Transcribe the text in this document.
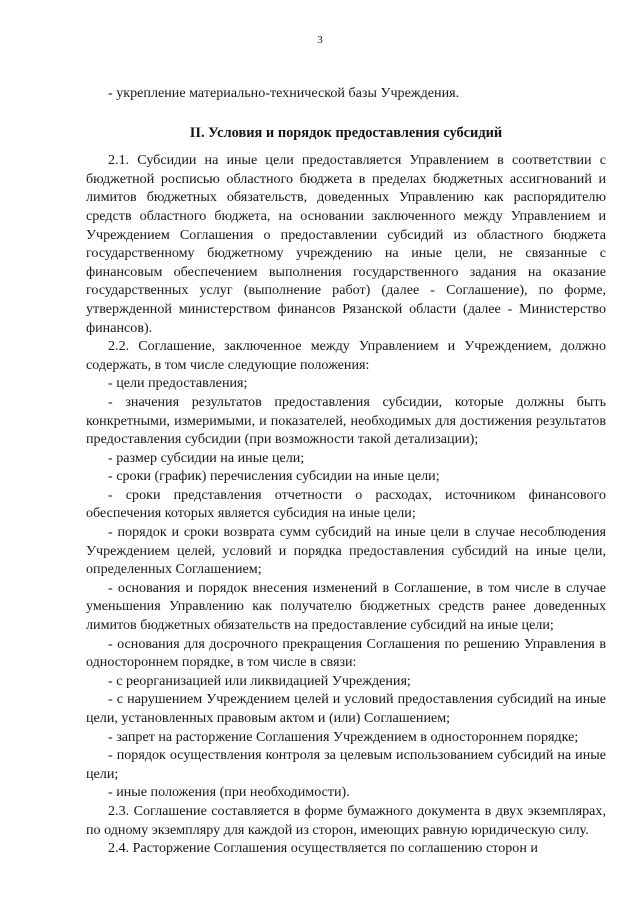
3

- укрепление материально-технической базы Учреждения.

II. Условия и порядок предоставления субсидий

2.1. Субсидии на иные цели предоставляется Управлением в соответствии с бюджетной росписью областного бюджета в пределах бюджетных ассигнований и лимитов бюджетных обязательств, доведенных Управлению как распорядителю средств областного бюджета, на основании заключенного между Управлением и Учреждением Соглашения о предоставлении субсидий из областного бюджета государственному бюджетному учреждению на иные цели, не связанные с финансовым обеспечением выполнения государственного задания на оказание государственных услуг (выполнение работ) (далее - Соглашение), по форме, утвержденной министерством финансов Рязанской области (далее - Министерство финансов).

2.2. Соглашение, заключенное между Управлением и Учреждением, должно содержать, в том числе следующие положения:

- цели предоставления;

- значения результатов предоставления субсидии, которые должны быть конкретными, измеримыми, и показателей, необходимых для достижения результатов предоставления субсидии (при возможности такой детализации);

- размер субсидии на иные цели;

- сроки (график) перечисления субсидии на иные цели;

- сроки представления отчетности о расходах, источником финансового обеспечения которых является субсидия на иные цели;

- порядок и сроки возврата сумм субсидий на иные цели в случае несоблюдения Учреждением целей, условий и порядка предоставления субсидий на иные цели, определенных Соглашением;

- основания и порядок внесения изменений в Соглашение, в том числе в случае уменьшения Управлению как получателю бюджетных средств ранее доведенных лимитов бюджетных обязательств на предоставление субсидий на иные цели;

- основания для досрочного прекращения Соглашения по решению Управления в одностороннем порядке, в том числе в связи:

- с реорганизацией или ликвидацией Учреждения;

- с нарушением Учреждением целей и условий предоставления субсидий на иные цели, установленных правовым актом и (или) Соглашением;

- запрет на расторжение Соглашения Учреждением в одностороннем порядке;

- порядок осуществления контроля за целевым использованием субсидий на иные цели;

- иные положения (при необходимости).

2.3. Соглашение составляется в форме бумажного документа в двух экземплярах, по одному экземпляру для каждой из сторон, имеющих равную юридическую силу.

2.4. Расторжение Соглашения осуществляется по соглашению сторон и
